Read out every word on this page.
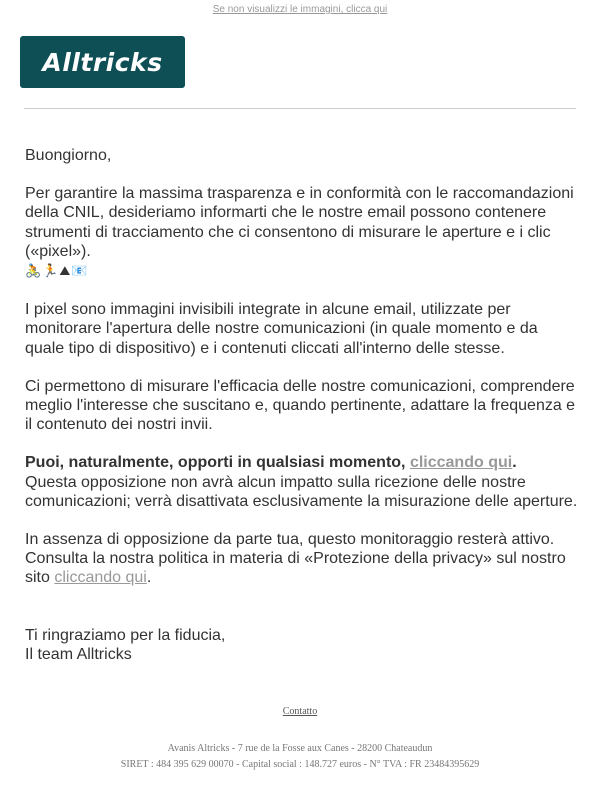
Se non visualizzi le immagini, clicca qui
Alltricks

Buongiorno,

Per garantire la massima trasparenza e in conformità con le raccomandazioni della CNIL, desideriamo informarti che le nostre email possono contenere strumenti di tracciamento che ci consentono di misurare le aperture e i clic («pixel»).
🚴🏃⛰📧

I pixel sono immagini invisibili integrate in alcune email, utilizzate per monitorare l'apertura delle nostre comunicazioni (in quale momento e da quale tipo di dispositivo) e i contenuti cliccati all'interno delle stesse.

Ci permettono di misurare l'efficacia delle nostre comunicazioni, comprendere meglio l'interesse che suscitano e, quando pertinente, adattare la frequenza e il contenuto dei nostri invii.

Puoi, naturalmente, opporti in qualsiasi momento, cliccando qui.
Questa opposizione non avrà alcun impatto sulla ricezione delle nostre comunicazioni; verrà disattivata esclusivamente la misurazione delle aperture.

In assenza di opposizione da parte tua, questo monitoraggio resterà attivo.
Consulta la nostra politica in materia di «Protezione della privacy» sul nostro sito cliccando qui.

Ti ringraziamo per la fiducia,
Il team Alltricks

Contatto
Avanis Altricks - 7 rue de la Fosse aux Canes - 28200 Chateaudun
SIRET : 484 395 629 00070 - Capital social : 148.727 euros - N° TVA : FR 23484395629
